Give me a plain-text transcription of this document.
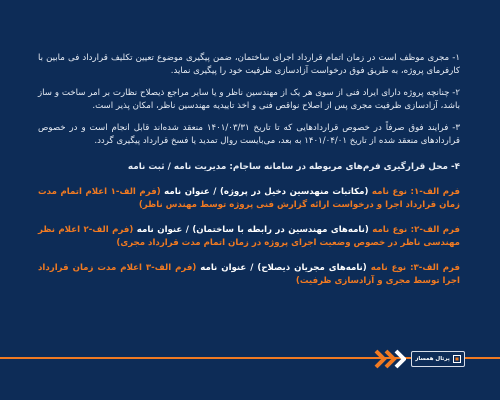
۱- مجری موظف است در زمان اتمام قرارداد اجرای ساختمان، ضمن پیگیری موضوع تعیین تکلیف قرارداد فی مابین با کارفرمای پروژه، به طریق فوق درخواست آزادسازی ظرفیت خود را پیگیری نماید.

۲- چنانچه پروژه دارای ایراد فنی از سوی هر یک از مهندسین ناظر و یا سایر مراجع ذیصلاح نظارت بر امر ساخت و ساز باشد، آزادسازی ظرفیت مجری پس از اصلاح نواقص فنی و اخذ تاییدیه مهندسین ناظر، امکان پذیر است.

۳- فرایند فوق صرفاً در خصوص قراردادهایی که تا تاریخ ۱۴۰۱/۰۳/۳۱ منعقد شده‌اند قابل انجام است و در خصوص قراردادهای منعقد شده از تاریخ ۱۴۰۱/۰۴/۰۱ به بعد، می‌بایست روال تمدید یا فسخ قرارداد پیگیری گردد.

۴- محل قرارگیری فرم‌های مربوطه در سامانه ساجام: مدیریت نامه / ثبت نامه

فرم الف-۱: نوع نامه (مکاتبات منهدسین دخیل در پروژه) / عنوان نامه (فرم الف-۱ اعلام اتمام مدت زمان قرارداد اجرا و درخواست ارائه گزارش فنی پروژه توسط مهندس ناظر)

فرم الف-۲: نوع نامه (نامه‌های مهندسین در رابطه با ساختمان) / عنوان نامه (فرم الف-۲ اعلام نظر مهندسی ناظر در خصوص وضعیت اجرای پروژه در زمان اتمام مدت قرارداد مجری)

فرم الف-۳: نوع نامه (نامه‌های مجریان ذیصلاح) / عنوان نامه (فرم الف-۳ اعلام مدت زمان قرارداد اجرا توسط مجری و آزادسازی ظرفیت)

پرتال همساز
